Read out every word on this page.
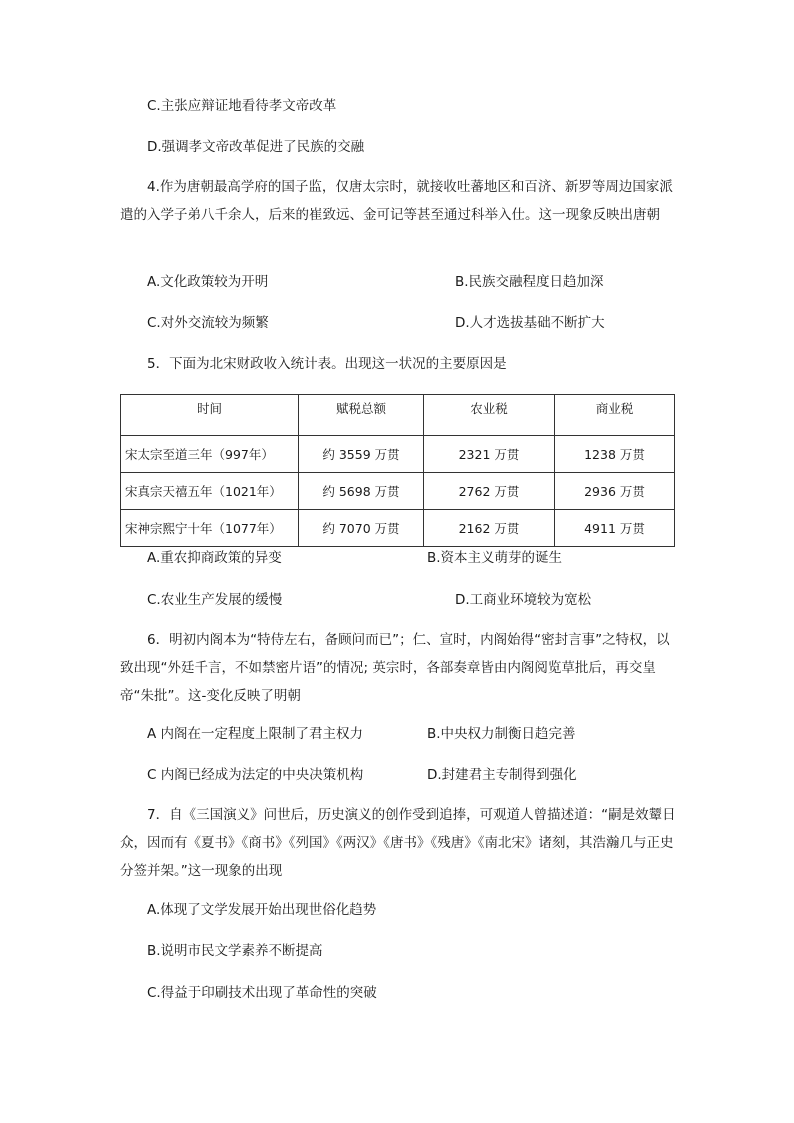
C.主张应辩证地看待孝文帝改革
D.强调孝文帝改革促进了民族的交融
4.作为唐朝最高学府的国子监，仅唐太宗时，就接收吐蕃地区和百济、新罗等周边国家派遣的入学子弟八千余人，后来的崔致远、金可记等甚至通过科举入仕。这一现象反映出唐朝
A.文化政策较为开明	B.民族交融程度日趋加深
C.对外交流较为频繁	D.人才选拔基础不断扩大
5．下面为北宋财政收入统计表。出现这一状况的主要原因是
时间	赋税总额	农业税	商业税
宋太宗至道三年（997年）	约 3559 万贯	2321 万贯	1238 万贯
宋真宗天禧五年（1021年）	约 5698 万贯	2762 万贯	2936 万贯
宋神宗熙宁十年（1077年）	约 7070 万贯	2162 万贯	4911 万贯
A.重农抑商政策的异变	B.资本主义萌芽的诞生
C.农业生产发展的缓慢	D.工商业环境较为宽松
6．明初内阁本为“特侍左右，备顾问而已”；仁、宣时，内阁始得“密封言事”之特权，以致出现“外廷千言，不如禁密片语”的情况; 英宗时，各部奏章皆由内阁阅览草批后，再交皇帝“朱批”。这-变化反映了明朝
A 内阁在一定程度上限制了君主权力	B.中央权力制衡日趋完善
C 内阁已经成为法定的中央决策机构	D.封建君主专制得到强化
7．自《三国演义》问世后，历史演义的创作受到追捧，可观道人曾描述道：“嗣是效颦日众，因而有《夏书》《商书》《列国》《两汉》《唐书》《残唐》《南北宋》诸刻，其浩瀚几与正史分签并架。”这一现象的出现
A.体现了文学发展开始出现世俗化趋势
B.说明市民文学素养不断提高
C.得益于印刷技术出现了革命性的突破
